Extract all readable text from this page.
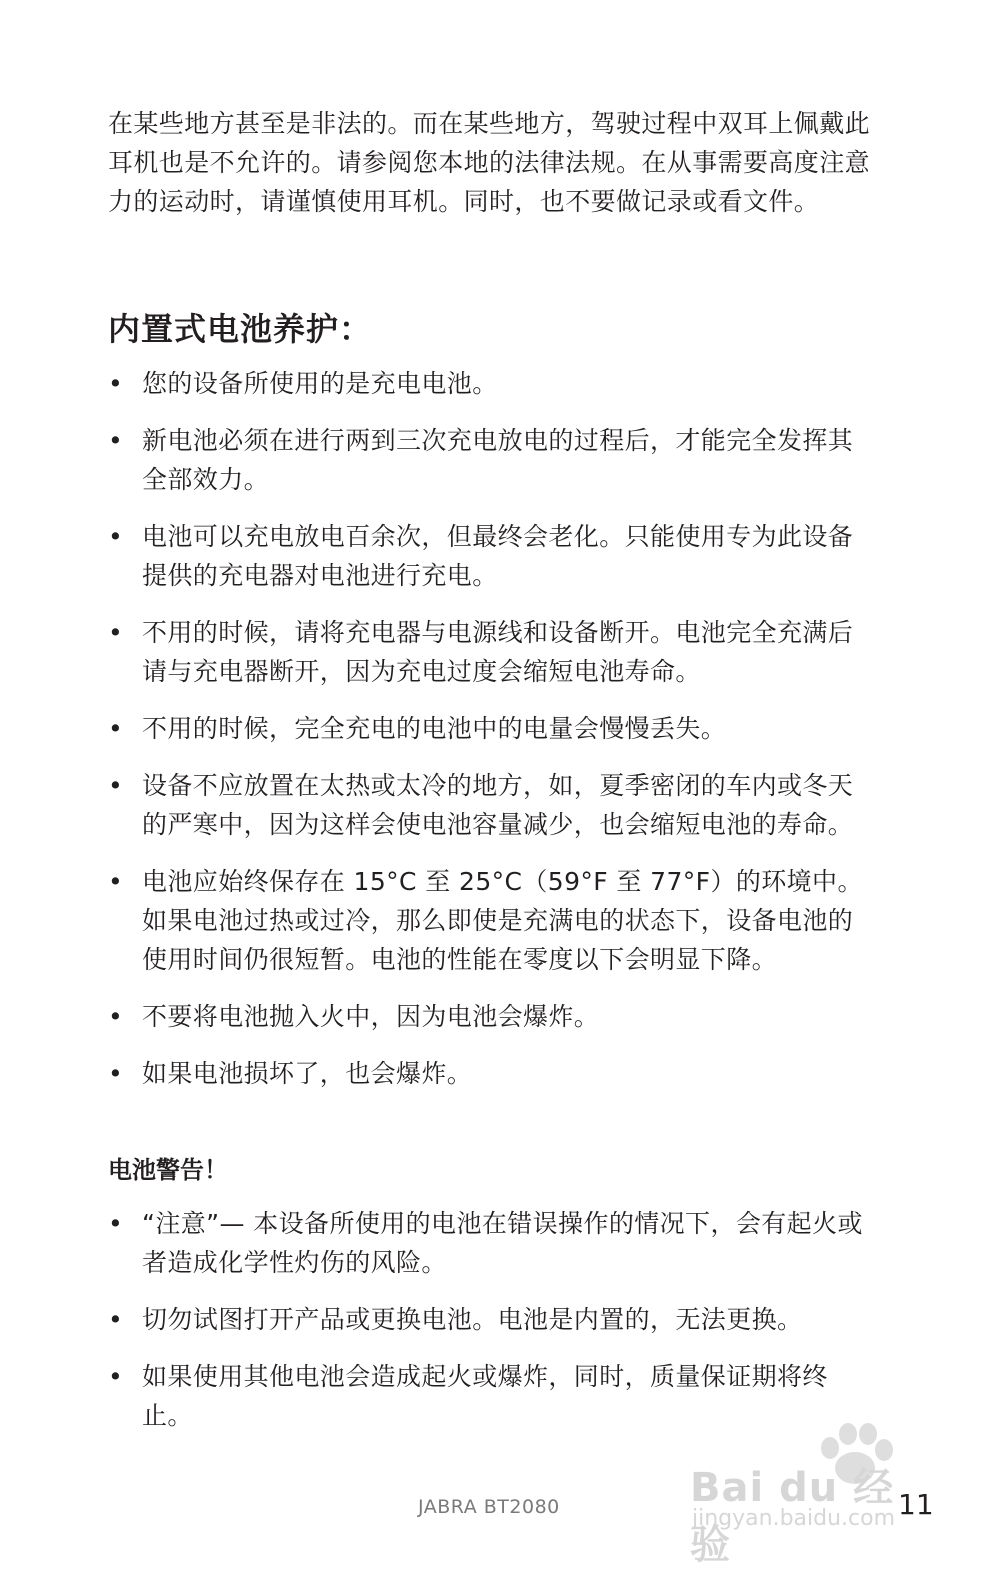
在某些地方甚至是非法的。而在某些地方，驾驶过程中双耳上佩戴此耳机也是不允许的。请参阅您本地的法律法规。在从事需要高度注意力的运动时，请谨慎使用耳机。同时，也不要做记录或看文件。

内置式电池养护：
• 您的设备所使用的是充电电池。
• 新电池必须在进行两到三次充电放电的过程后，才能完全发挥其全部效力。
• 电池可以充电放电百余次，但最终会老化。只能使用专为此设备提供的充电器对电池进行充电。
• 不用的时候，请将充电器与电源线和设备断开。电池完全充满后请与充电器断开，因为充电过度会缩短电池寿命。
• 不用的时候，完全充电的电池中的电量会慢慢丢失。
• 设备不应放置在太热或太冷的地方，如，夏季密闭的车内或冬天的严寒中，因为这样会使电池容量减少，也会缩短电池的寿命。
• 电池应始终保存在 15°C 至 25°C（59°F 至 77°F）的环境中。如果电池过热或过冷，那么即使是充满电的状态下，设备电池的使用时间仍很短暂。电池的性能在零度以下会明显下降。
• 不要将电池抛入火中，因为电池会爆炸。
• 如果电池损坏了，也会爆炸。
电池警告！
• “注意”— 本设备所使用的电池在错误操作的情况下，会有起火或者造成化学性灼伤的风险。
• 切勿试图打开产品或更换电池。电池是内置的，无法更换。
• 如果使用其他电池会造成起火或爆炸，同时，质量保证期将终止。
JABRA BT2080	11
Bai du 经验
jingyan.baidu.com
